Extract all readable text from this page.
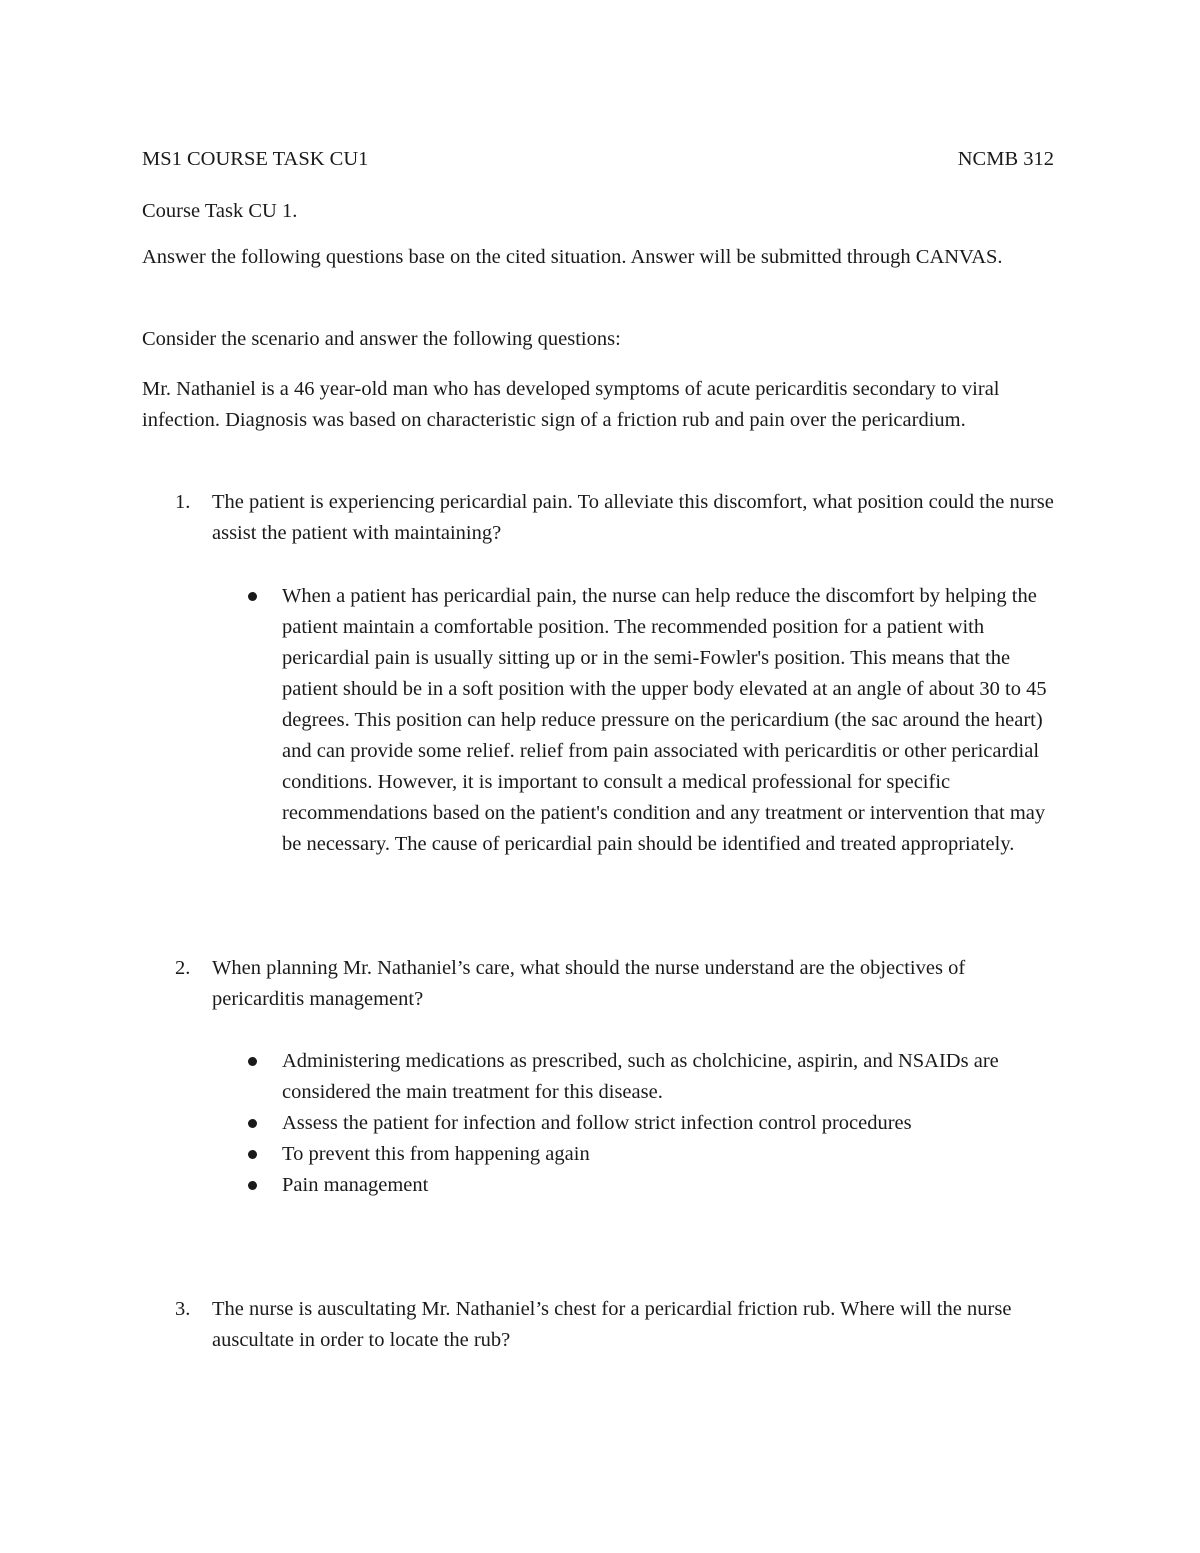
MS1 COURSE TASK CU1	NCMB 312

Course Task CU 1.

Answer the following questions base on the cited situation. Answer will be submitted through CANVAS.

Consider the scenario and answer the following questions:

Mr. Nathaniel is a 46 year-old man who has developed symptoms of acute pericarditis secondary to viral infection. Diagnosis was based on characteristic sign of a friction rub and pain over the pericardium.

1. The patient is experiencing pericardial pain. To alleviate this discomfort, what position could the nurse assist the patient with maintaining?
When a patient has pericardial pain, the nurse can help reduce the discomfort by helping the patient maintain a comfortable position. The recommended position for a patient with pericardial pain is usually sitting up or in the semi-Fowler's position. This means that the patient should be in a soft position with the upper body elevated at an angle of about 30 to 45 degrees. This position can help reduce pressure on the pericardium (the sac around the heart) and can provide some relief. relief from pain associated with pericarditis or other pericardial conditions. However, it is important to consult a medical professional for specific recommendations based on the patient's condition and any treatment or intervention that may be necessary. The cause of pericardial pain should be identified and treated appropriately.
2. When planning Mr. Nathaniel’s care, what should the nurse understand are the objectives of pericarditis management?
Administering medications as prescribed, such as cholchicine, aspirin, and NSAIDs are considered the main treatment for this disease.
Assess the patient for infection and follow strict infection control procedures
To prevent this from happening again
Pain management
3. The nurse is auscultating Mr. Nathaniel’s chest for a pericardial friction rub. Where will the nurse auscultate in order to locate the rub?
